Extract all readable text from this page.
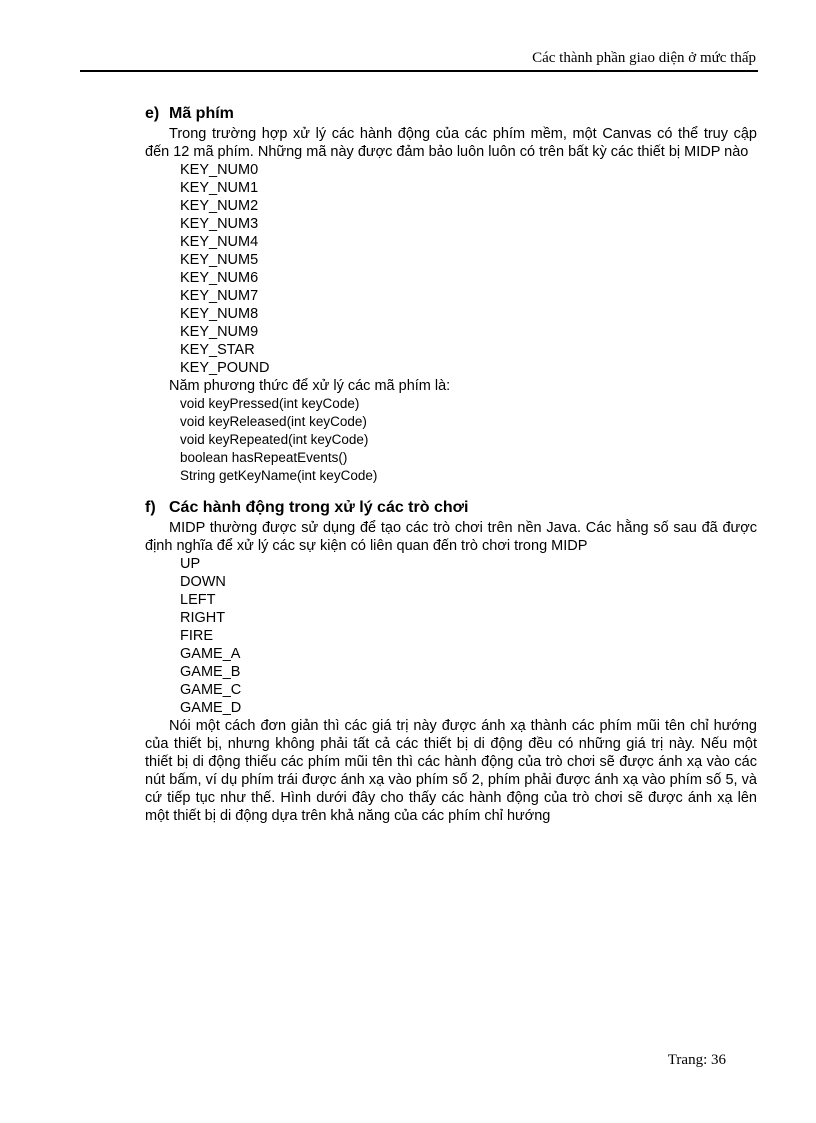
Các thành phần giao diện ở mức thấp
e) Mã phím

Trong trường hợp xử lý các hành động của các phím mềm, một Canvas có thể truy cập đến 12 mã phím. Những mã này được đảm bảo luôn luôn có trên bất kỳ các thiết bị MIDP nào

KEY_NUM0
KEY_NUM1
KEY_NUM2
KEY_NUM3
KEY_NUM4
KEY_NUM5
KEY_NUM6
KEY_NUM7
KEY_NUM8
KEY_NUM9
KEY_STAR
KEY_POUND

Năm phương thức để xử lý các mã phím là:

void keyPressed(int keyCode)
void keyReleased(int keyCode)
void keyRepeated(int keyCode)
boolean hasRepeatEvents()
String getKeyName(int keyCode)
f) Các hành động trong xử lý các trò chơi

MIDP thường được sử dụng để tạo các trò chơi trên nền Java. Các hằng số sau đã được định nghĩa để xử lý các sự kiện có liên quan đến trò chơi trong MIDP

UP
DOWN
LEFT
RIGHT
FIRE
GAME_A
GAME_B
GAME_C
GAME_D

Nói một cách đơn giản thì các giá trị này được ánh xạ thành các phím mũi tên chỉ hướng của thiết bị, nhưng không phải tất cả các thiết bị di động đều có những giá trị này. Nếu một thiết bị di động thiếu các phím mũi tên thì các hành động của trò chơi sẽ được ánh xạ vào các nút bấm, ví dụ phím trái được ánh xạ vào phím số 2, phím phải được ánh xạ vào phím số 5, và cứ tiếp tục như thế. Hình dưới đây cho thấy các hành động của trò chơi sẽ được ánh xạ lên một thiết bị di động dựa trên khả năng của các phím chỉ hướng

Trang: 36
